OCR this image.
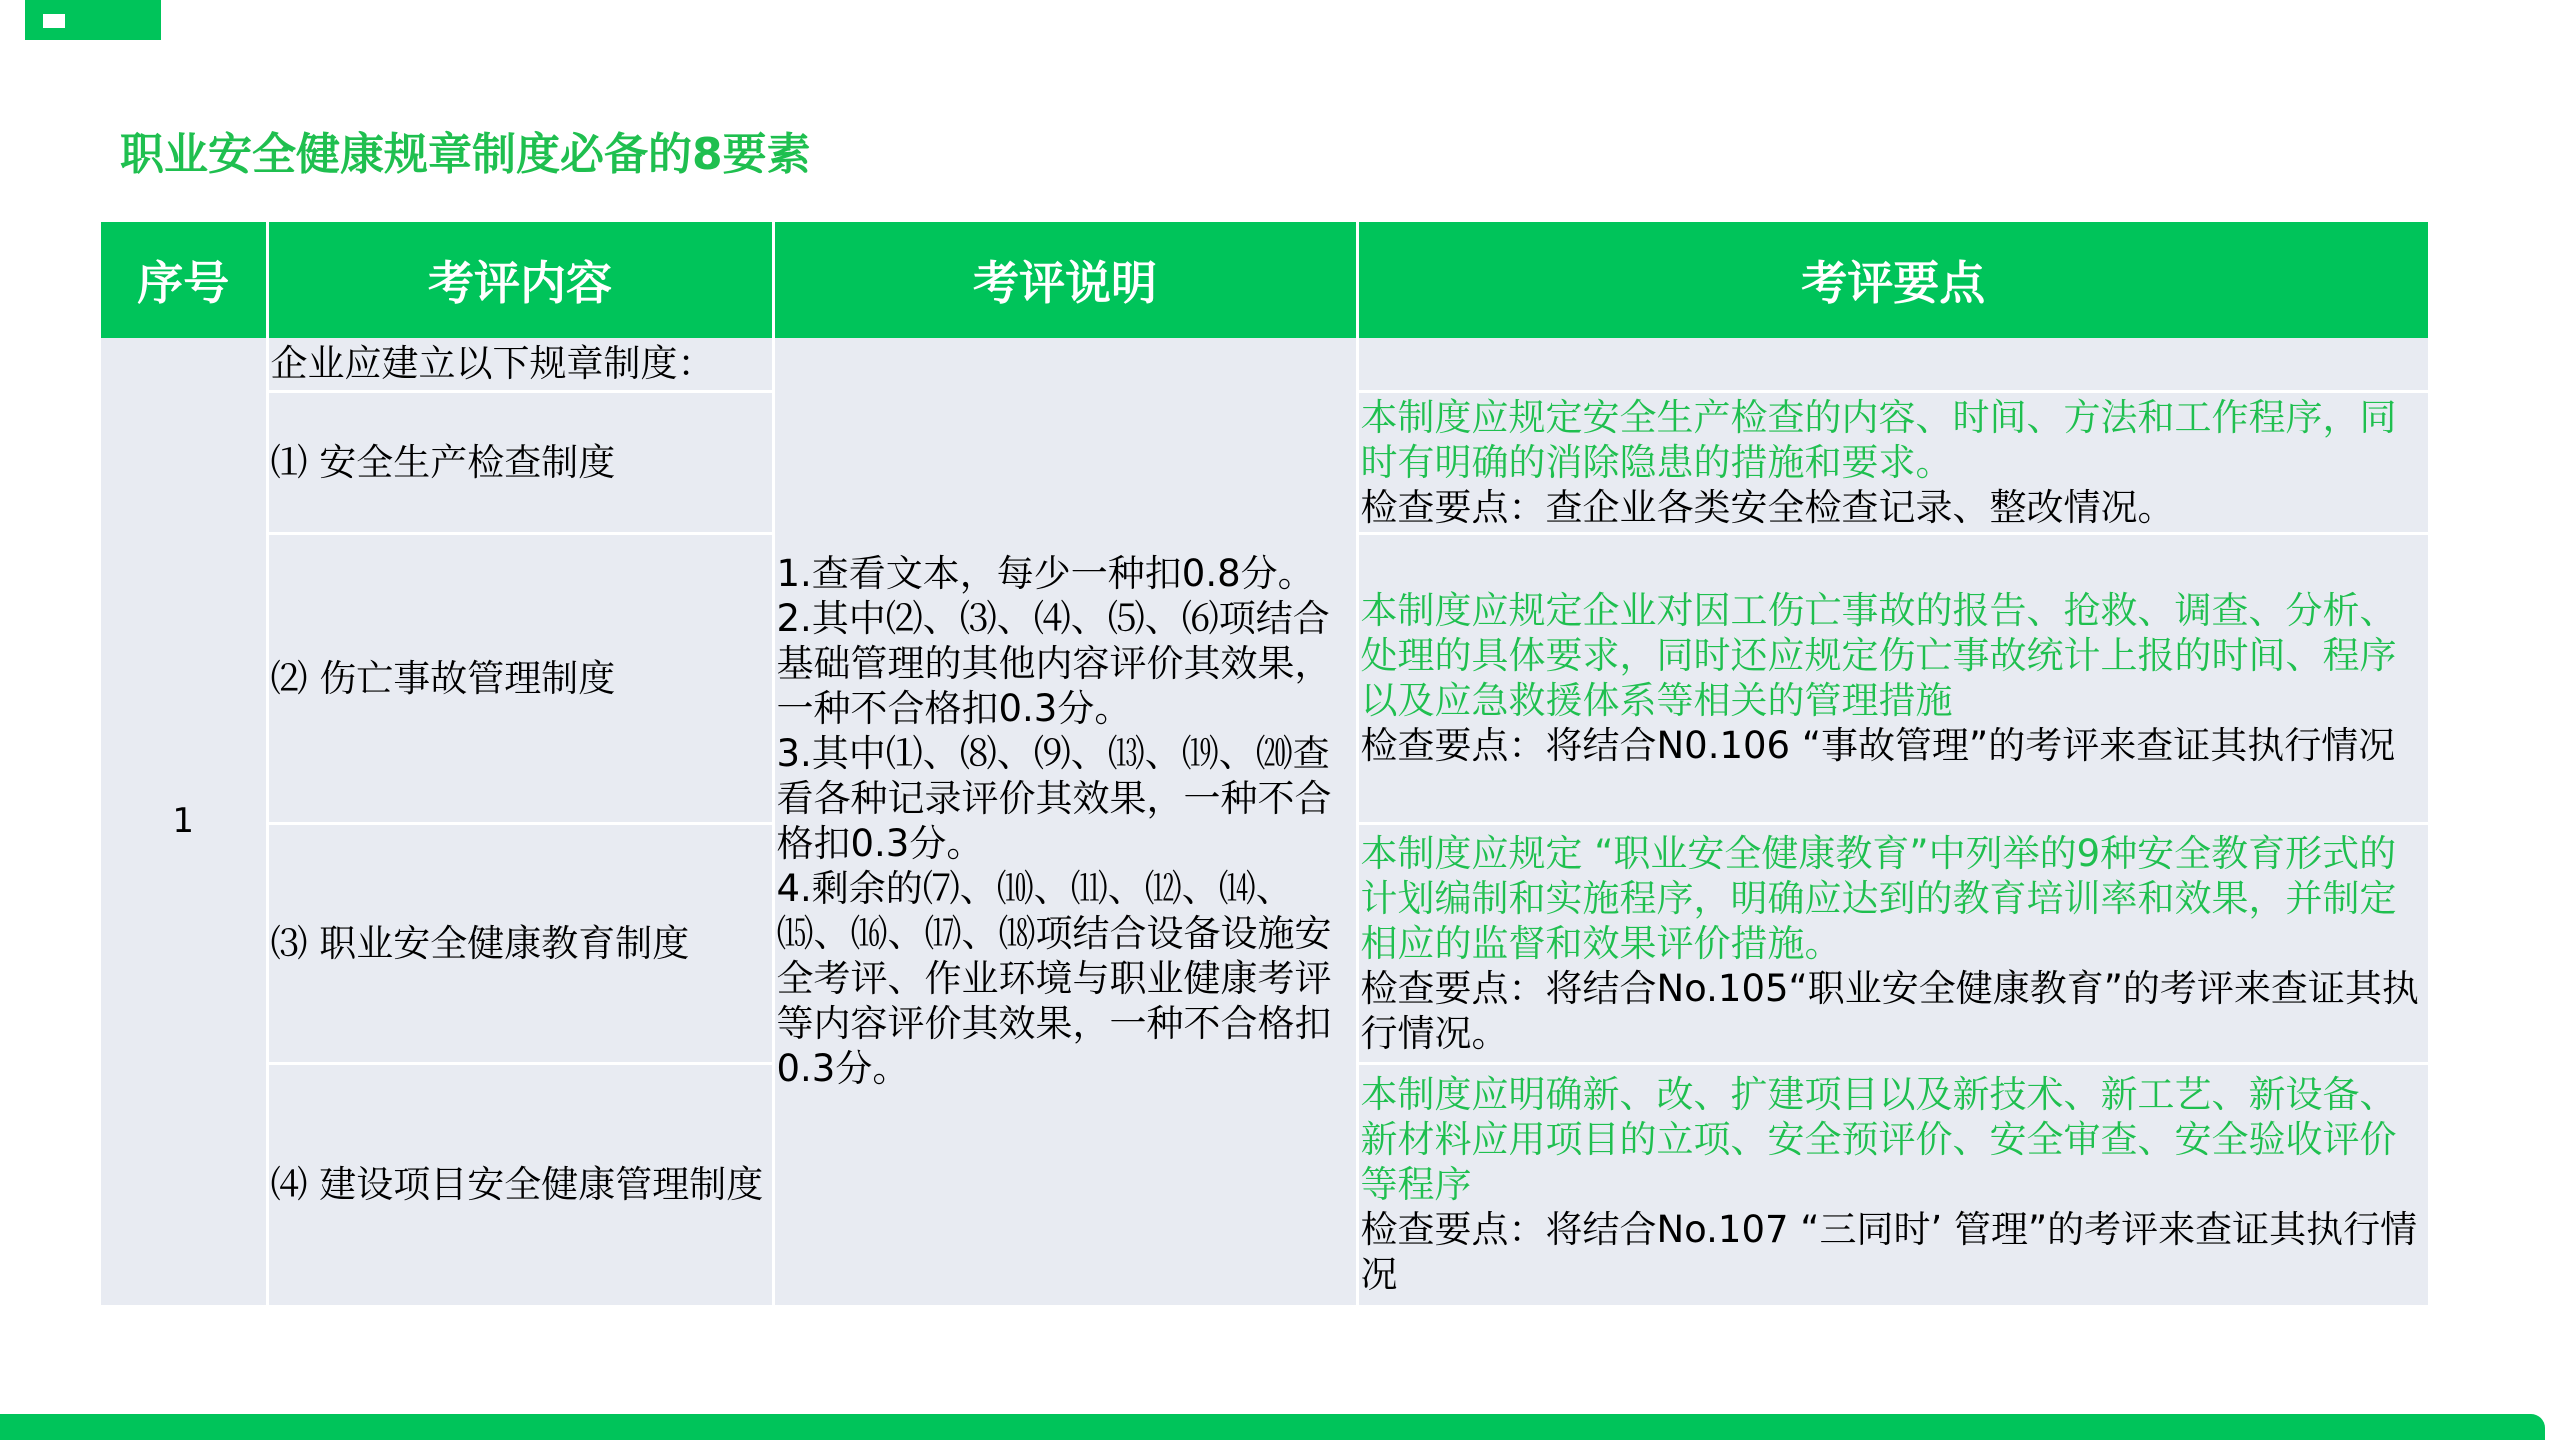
职业安全健康规章制度必备的8要素
序号	考评内容	考评说明	考评要点
1	企业应建立以下规章制度：	1.查看文本，每少一种扣0.8分。
2.其中⑵、⑶、⑷、⑸、⑹项结合基础管理的其他内容评价其效果，一种不合格扣0.3分。
3.其中⑴、⑻、⑼、⒀、⒆、⒇查看各种记录评价其效果，一种不合格扣0.3分。
4.剩余的⑺、⑽、⑾、⑿、⒁、⒂、⒃、⒄、⒅项结合设备设施安全考评、作业环境与职业健康考评等内容评价其效果，一种不合格扣0.3分。	

	⑴ 安全生产检查制度		本制度应规定安全生产检查的内容、时间、方法和工作程序，同时有明确的消除隐患的措施和要求。
检查要点：查企业各类安全检查记录、整改情况。

	⑵ 伤亡事故管理制度		本制度应规定企业对因工伤亡事故的报告、抢救、调查、分析、处理的具体要求，同时还应规定伤亡事故统计上报的时间、程序以及应急救援体系等相关的管理措施
检查要点：将结合N0.106 “事故管理”的考评来查证其执行情况

	⑶ 职业安全健康教育制度		本制度应规定 “职业安全健康教育”中列举的9种安全教育形式的计划编制和实施程序，明确应达到的教育培训率和效果，并制定相应的监督和效果评价措施。
检查要点：将结合No.105“职业安全健康教育”的考评来查证其执行情况。

	⑷ 建设项目安全健康管理制度		本制度应明确新、改、扩建项目以及新技术、新工艺、新设备、新材料应用项目的立项、安全预评价、安全审查、安全验收评价等程序
检查要点：将结合No.107 “三同时’ 管理”的考评来查证其执行情况
